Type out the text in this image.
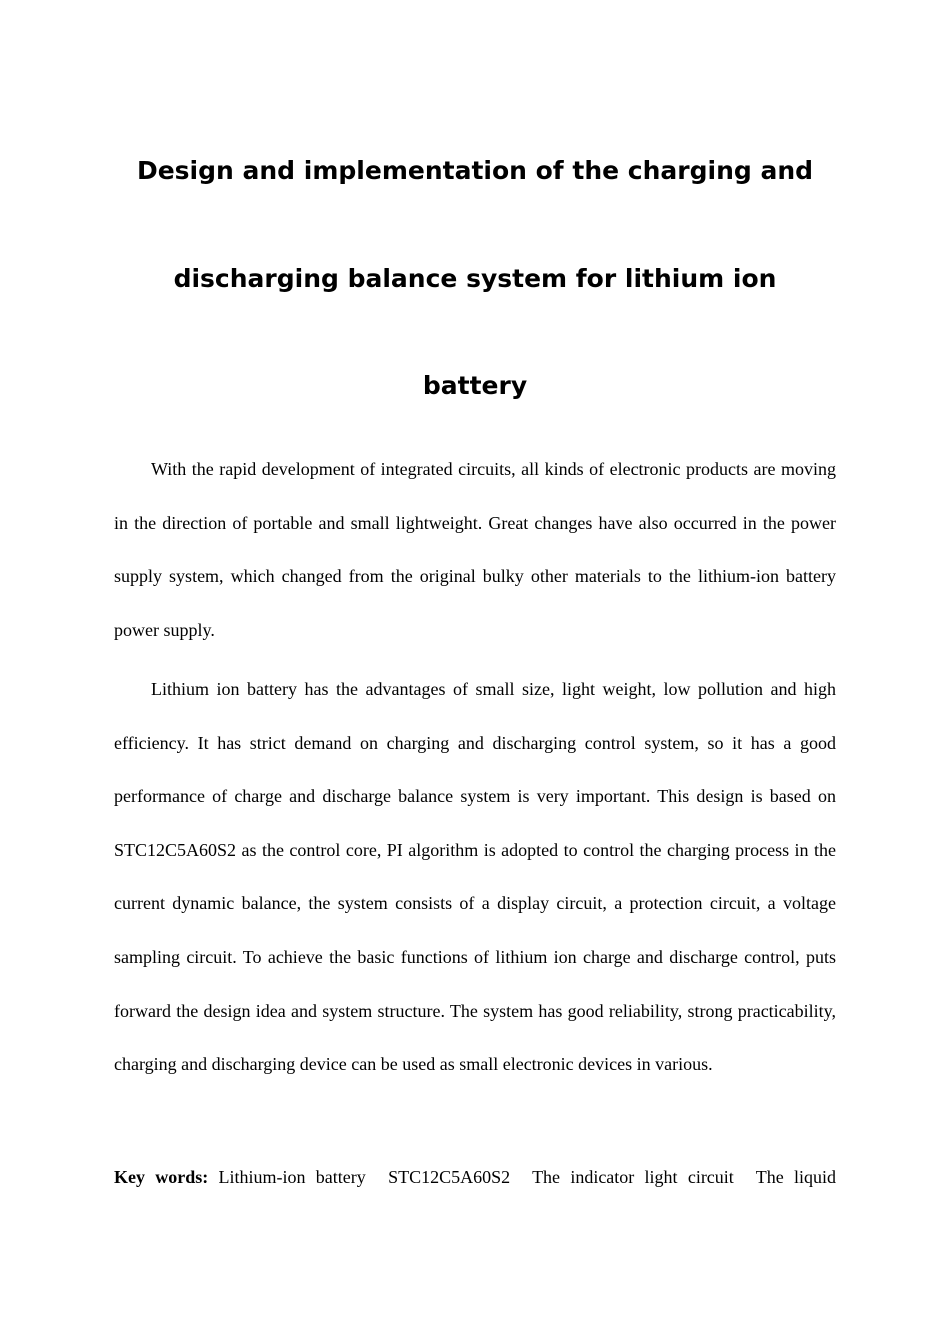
Design and implementation of the charging and
discharging balance system for lithium ion
battery

With the rapid development of integrated circuits, all kinds of electronic products are moving in the direction of portable and small lightweight. Great changes have also occurred in the power supply system, which changed from the original bulky other materials to the lithium-ion battery power supply.

Lithium ion battery has the advantages of small size, light weight, low pollution and high efficiency. It has strict demand on charging and discharging control system, so it has a good performance of charge and discharge balance system is very important. This design is based on STC12C5A60S2 as the control core, PI algorithm is adopted to control the charging process in the current dynamic balance, the system consists of a display circuit, a protection circuit, a voltage sampling circuit. To achieve the basic functions of lithium ion charge and discharge control, puts forward the design idea and system structure. The system has good reliability, strong practicability, charging and discharging device can be used as small electronic devices in various.

Key words: Lithium-ion battery STC12C5A60S2 The indicator light circuit The liquid
